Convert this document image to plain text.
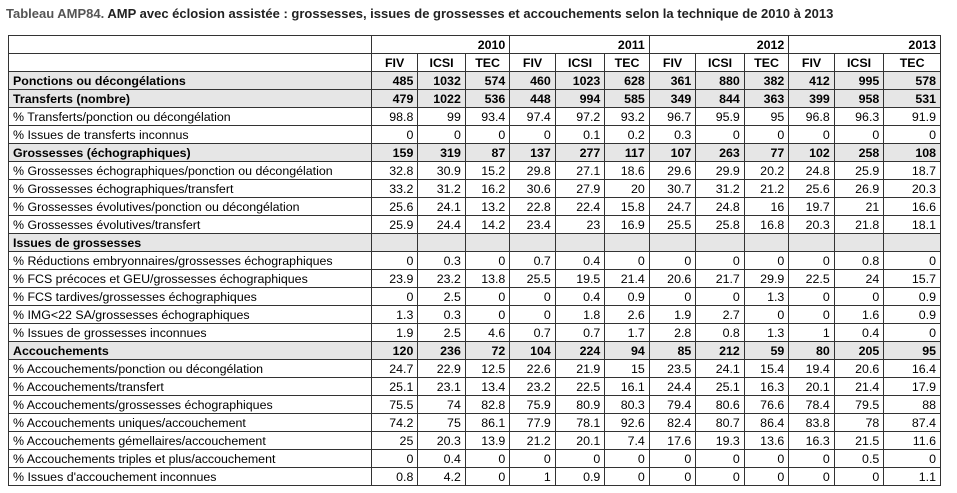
Tableau AMP84. AMP avec éclosion assistée : grossesses, issues de grossesses et accouchements selon la technique de 2010 à 2013
	2010			2011			2012			2013		
	FIV	ICSI	TEC	FIV	ICSI	TEC	FIV	ICSI	TEC	FIV	ICSI	TEC
Ponctions ou décongélations	485	1032	574	460	1023	628	361	880	382	412	995	578
Transferts (nombre)	479	1022	536	448	994	585	349	844	363	399	958	531
% Transferts/ponction ou décongélation	98.8	99	93.4	97.4	97.2	93.2	96.7	95.9	95	96.8	96.3	91.9
% Issues de transferts inconnus	0	0	0	0	0.1	0.2	0.3	0	0	0	0	0
Grossesses (échographiques)	159	319	87	137	277	117	107	263	77	102	258	108
% Grossesses échographiques/ponction ou décongélation	32.8	30.9	15.2	29.8	27.1	18.6	29.6	29.9	20.2	24.8	25.9	18.7
% Grossesses échographiques/transfert	33.2	31.2	16.2	30.6	27.9	20	30.7	31.2	21.2	25.6	26.9	20.3
% Grossesses évolutives/ponction ou décongélation	25.6	24.1	13.2	22.8	22.4	15.8	24.7	24.8	16	19.7	21	16.6
% Grossesses évolutives/transfert	25.9	24.4	14.2	23.4	23	16.9	25.5	25.8	16.8	20.3	21.8	18.1
Issues de grossesses												
% Réductions embryonnaires/grossesses échographiques	0	0.3	0	0.7	0.4	0	0	0	0	0	0.8	0
% FCS précoces et GEU/grossesses échographiques	23.9	23.2	13.8	25.5	19.5	21.4	20.6	21.7	29.9	22.5	24	15.7
% FCS tardives/grossesses échographiques	0	2.5	0	0	0.4	0.9	0	0	1.3	0	0	0.9
% IMG<22 SA/grossesses échographiques	1.3	0.3	0	0	1.8	2.6	1.9	2.7	0	0	1.6	0.9
% Issues de grossesses inconnues	1.9	2.5	4.6	0.7	0.7	1.7	2.8	0.8	1.3	1	0.4	0
Accouchements	120	236	72	104	224	94	85	212	59	80	205	95
% Accouchements/ponction ou décongélation	24.7	22.9	12.5	22.6	21.9	15	23.5	24.1	15.4	19.4	20.6	16.4
% Accouchements/transfert	25.1	23.1	13.4	23.2	22.5	16.1	24.4	25.1	16.3	20.1	21.4	17.9
% Accouchements/grossesses échographiques	75.5	74	82.8	75.9	80.9	80.3	79.4	80.6	76.6	78.4	79.5	88
% Accouchements uniques/accouchement	74.2	75	86.1	77.9	78.1	92.6	82.4	80.7	86.4	83.8	78	87.4
% Accouchements gémellaires/accouchement	25	20.3	13.9	21.2	20.1	7.4	17.6	19.3	13.6	16.3	21.5	11.6
% Accouchements triples et plus/accouchement	0	0.4	0	0	0	0	0	0	0	0	0.5	0
% Issues d'accouchement inconnues	0.8	4.2	0	1	0.9	0	0	0	0	0	0	1.1
